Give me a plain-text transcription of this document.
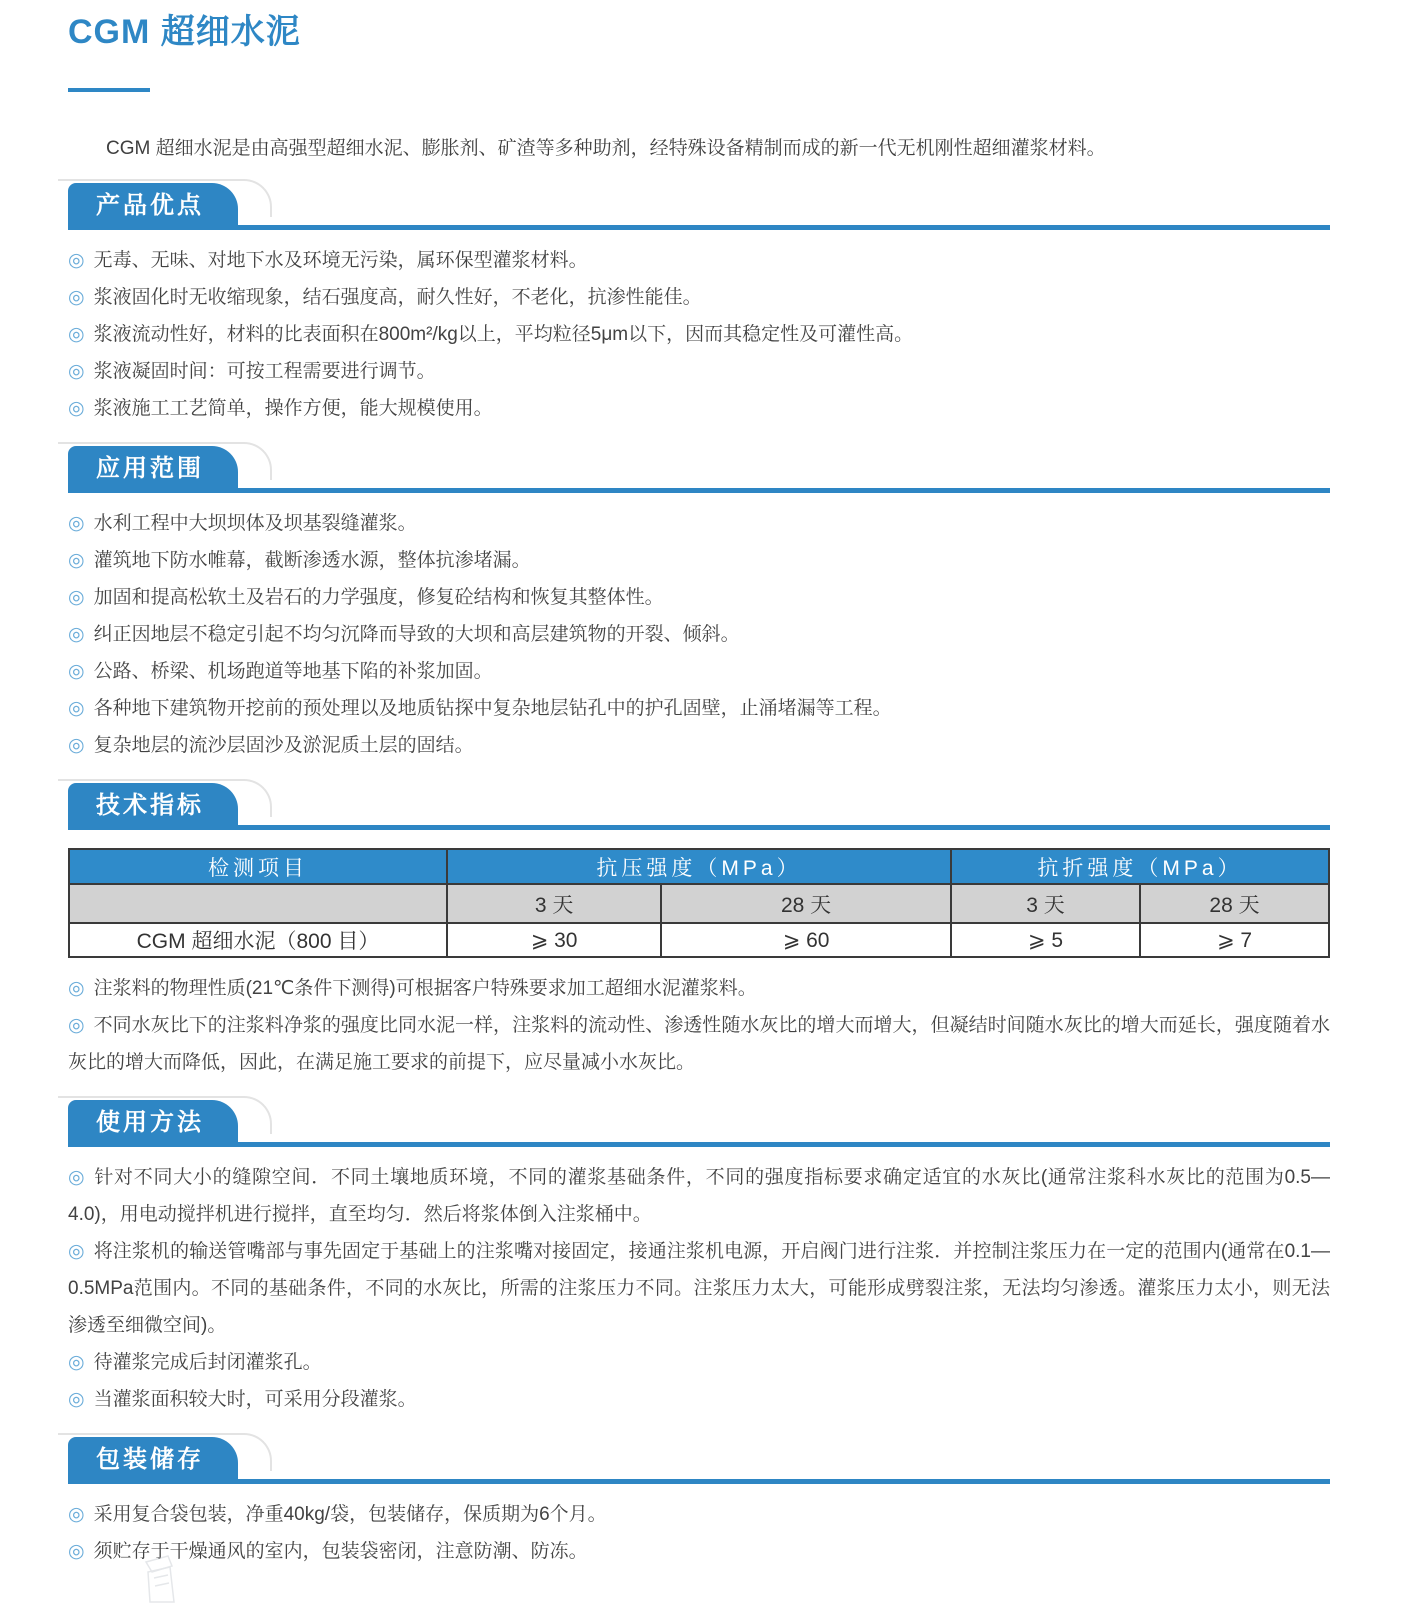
CGM 超细水泥

CGM 超细水泥是由高强型超细水泥、膨胀剂、矿渣等多种助剂，经特殊设备精制而成的新一代无机刚性超细灌浆材料。

产品优点

◎ 无毒、无味、对地下水及环境无污染，属环保型灌浆材料。

◎ 浆液固化时无收缩现象，结石强度高，耐久性好，不老化，抗渗性能佳。

◎ 浆液流动性好，材料的比表面积在800m²/kg以上，平均粒径5μm以下，因而其稳定性及可灌性高。

◎ 浆液凝固时间：可按工程需要进行调节。

◎ 浆液施工工艺简单，操作方便，能大规模使用。

应用范围

◎ 水利工程中大坝坝体及坝基裂缝灌浆。

◎ 灌筑地下防水帷幕，截断渗透水源，整体抗渗堵漏。

◎ 加固和提高松软土及岩石的力学强度，修复砼结构和恢复其整体性。

◎ 纠正因地层不稳定引起不均匀沉降而导致的大坝和高层建筑物的开裂、倾斜。

◎ 公路、桥梁、机场跑道等地基下陷的补浆加固。

◎ 各种地下建筑物开挖前的预处理以及地质钻探中复杂地层钻孔中的护孔固壁，止涌堵漏等工程。

◎ 复杂地层的流沙层固沙及淤泥质土层的固结。

技术指标
检测项目	抗压强度（MPa）		抗折强度（MPa）	
	3 天	28 天	3 天	28 天
CGM 超细水泥（800 目）	⩾ 30	⩾ 60	⩾ 5	⩾ 7

◎ 注浆料的物理性质(21℃条件下测得)可根据客户特殊要求加工超细水泥灌浆料。

◎ 不同水灰比下的注浆料净浆的强度比同水泥一样，注浆料的流动性、渗透性随水灰比的增大而增大，但凝结时间随水灰比的增大而延长，强度随着水灰比的增大而降低，因此，在满足施工要求的前提下，应尽量减小水灰比。

使用方法

◎ 针对不同大小的缝隙空间．不同土壤地质环境，不同的灌浆基础条件，不同的强度指标要求确定适宜的水灰比(通常注浆科水灰比的范围为0.5—4.0)，用电动搅拌机进行搅拌，直至均匀．然后将浆体倒入注浆桶中。

◎ 将注浆机的输送管嘴部与事先固定于基础上的注浆嘴对接固定，接通注浆机电源，开启阀门进行注浆．并控制注浆压力在一定的范围内(通常在0.1—0.5MPa范围内。不同的基础条件，不同的水灰比，所需的注浆压力不同。注浆压力太大，可能形成劈裂注浆，无法均匀渗透。灌浆压力太小，则无法渗透至细微空间)。

◎ 待灌浆完成后封闭灌浆孔。

◎ 当灌浆面积较大时，可采用分段灌浆。

包装储存

◎ 采用复合袋包装，净重40kg/袋，包装储存，保质期为6个月。

◎ 须贮存于干燥通风的室内，包装袋密闭，注意防潮、防冻。
